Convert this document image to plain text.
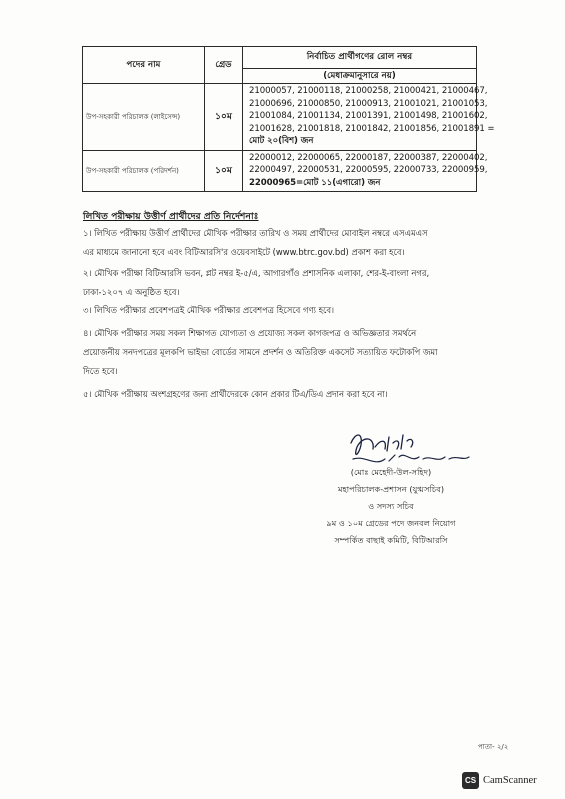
পদের নাম	গ্রেড	নির্বাচিত প্রার্থীগণের রোল নম্বর
		(মেধাক্রমানুসারে নয়)
উপ-সহকারী পরিচালক (লাইসেন্স)	১০ম	21000057, 21000118, 21000258, 21000421, 21000467,
21000696, 21000850, 21000913, 21001021, 21001053,
21001084, 21001134, 21001391, 21001498, 21001602,
21001628, 21001818, 21001842, 21001856, 21001891 =
মোট ২০(বিশ) জন

উপ-সহকারী পরিচালক (পরিদর্শন)	১০ম	22000012, 22000065, 22000187, 22000387, 22000402,
22000497, 22000531, 22000595, 22000733, 22000959,
22000965=মোট ১১(এগারো) জন
লিখিত পরীক্ষায় উত্তীর্ণ প্রার্থীদের প্রতি নির্দেশনাঃ
১। লিখিত পরীক্ষায় উত্তীর্ণ প্রার্থীদের মৌখিক পরীক্ষার তারিখ ও সময় প্রার্থীদের মোবাইল নম্বরে এসএমএস
এর মাধ্যমে জানানো হবে এবং বিটিআরসি'র ওয়েবসাইটে (www.btrc.gov.bd) প্রকাশ করা হবে।
২। মৌখিক পরীক্ষা বিটিআরসি ভবন, প্লট নম্বর ই-৫/এ, আগারগাঁও প্রশাসনিক এলাকা, শের-ই-বাংলা নগর,
ঢাকা-১২০৭ এ অনুষ্ঠিত হবে।
৩। লিখিত পরীক্ষার প্রবেশপত্রই মৌখিক পরীক্ষার প্রবেশপত্র হিসেবে গণ্য হবে।
৪। মৌখিক পরীক্ষার সময় সকল শিক্ষাগত যোগ্যতা ও প্রযোজ্য সকল কাগজপত্র ও অভিজ্ঞতার সমর্থনে
প্রয়োজনীয় সনদপত্রের মূলকপি ভাইভা বোর্ডের সামনে প্রদর্শন ও অতিরিক্ত একসেট সত্যায়িত ফটোকপি জমা
দিতে হবে।
৫। মৌখিক পরীক্ষায় অংশগ্রহণের জন্য প্রার্থীদেরকে কোন প্রকার টিএ/ডিএ প্রদান করা হবে না।
(মোঃ মেহেদী-উল-সহিদ)
মহাপরিচালক-প্রশাসন (যুগ্মসচিব)
ও সদস্য সচিব
৯ম ও ১০ম গ্রেডের পদে জনবল নিয়োগ
সম্পর্কিত বাছাই কমিটি, বিটিআরসি
পাতা- ২/২
CS CamScanner
